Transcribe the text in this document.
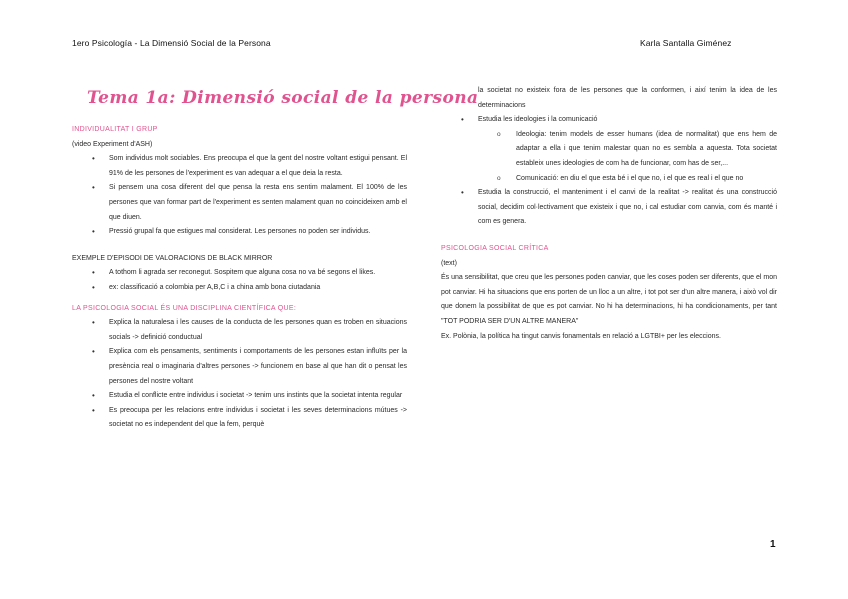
1ero Psicología - La Dimensió Social de la Persona	Karla Santalla Giménez
Tema 1a: Dimensió social de la persona

INDIVIDUALITAT I GRUP

(video Experiment d'ASH)

• Som individus molt sociables. Ens preocupa el que la gent del nostre voltant estigui pensant. El 91% de les persones de l'experiment es van adequar a el que deia la resta.
• Si pensem una cosa diferent del que pensa la resta ens sentim malament. El 100% de les persones que van formar part de l'experiment es senten malament quan no coincideixen amb el que diuen.
• Pressió grupal fa que estigues mal considerat. Les persones no poden ser individus.

EXEMPLE D'EPISODI DE VALORACIONS DE BLACK MIRROR

• A tothom li agrada ser reconegut. Sospitem que alguna cosa no va bé segons el likes.
• ex: classificació a colombia per A,B,C i a china amb bona ciutadania

LA PSICOLOGIA SOCIAL ÉS UNA DISCIPLINA CIENTÍFICA QUE:

• Explica la naturalesa i les causes de la conducta de les persones quan es troben en situacions socials -> definició conductual
• Explica com els pensaments, sentiments i comportaments de les persones estan influïts per la presència real o imaginaria d'altres persones -> funcionem en base al que han dit o pensat les persones del nostre voltant
• Estudia el conflicte entre individus i societat -> tenim uns instints que la societat intenta regular
• Es preocupa per les relacions entre individus i societat i les seves determinacions mútues -> societat no es independent del que la fem, perquè

la societat no existeix fora de les persones que la conformen, i així tenim la idea de les determinacions

• Estudia les ideologies i la comunicació
o Ideologia: tenim models de esser humans (idea de normalitat) que ens hem de adaptar a ella i que tenim malestar quan no es sembla a aquesta. Tota societat estableix unes ideologies de com ha de funcionar, com has de ser,...
o Comunicació: en diu el que esta bé i el que no, i el que es real i el que no
• Estudia la construcció, el manteniment i el canvi de la realitat -> realitat és una construcció social, decidim col·lectivament que existeix i que no, i cal estudiar com canvia, com és manté i com es genera.

PSICOLOGIA SOCIAL CRÍTICA

(text)

És una sensibilitat, que creu que les persones poden canviar, que les coses poden ser diferents, que el mon pot canviar. Hi ha situacions que ens porten de un lloc a un altre, i tot pot ser d'un altre manera, i això vol dir que donem la possibilitat de que es pot canviar. No hi ha determinacions, hi ha condicionaments, per tant "TOT PODRIA SER D'UN ALTRE MANERA"

Ex. Polònia, la política ha tingut canvis fonamentals en relació a LGTBI+ per les eleccions.

1
